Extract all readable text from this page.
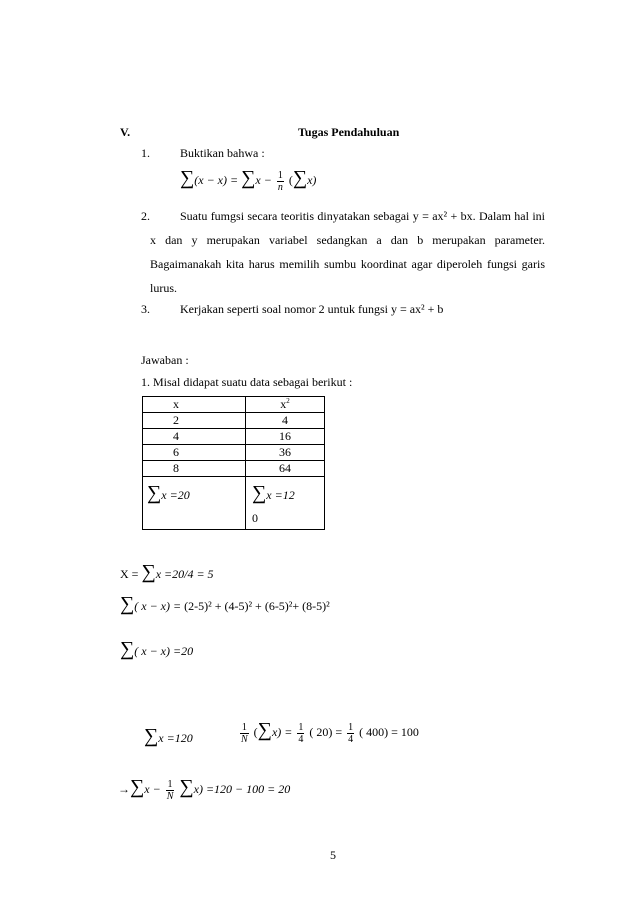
V.	Tugas Pendahuluan
1.	Buktikan bahwa :
$\sum(x - x) = \sum x - \frac{1}{n} (\sum x)$
2.	Suatu fumgsi secara teoritis dinyatakan sebagai y = ax² + bx. Dalam hal ini x dan y merupakan variabel sedangkan a dan b merupakan parameter. Bagaimanakah kita harus memilih sumbu koordinat agar diperoleh fungsi garis lurus.
3.	Kerjakan seperti soal nomor 2 untuk fungsi y = ax² + b
Jawaban :
1. Misal didapat suatu data sebagai berikut :
x	$x^2$
2	4
4	16
6	36
8	64

∑x =20	∑x =12
0
X = ∑x =20/4 = 5
∑( x − x) = (2-5)² + (4-5)² + (6-5)²+ (8-5)²
∑( x − x) =20
∑x =120	$\frac{1}{N} (\sum x) = \frac{1}{4}$ ( $20) = \frac{1}{4}$ ( 400) = 100
$\to\sum x - \frac{1}{N} \sum x) =120 - 100 = 20$
5
